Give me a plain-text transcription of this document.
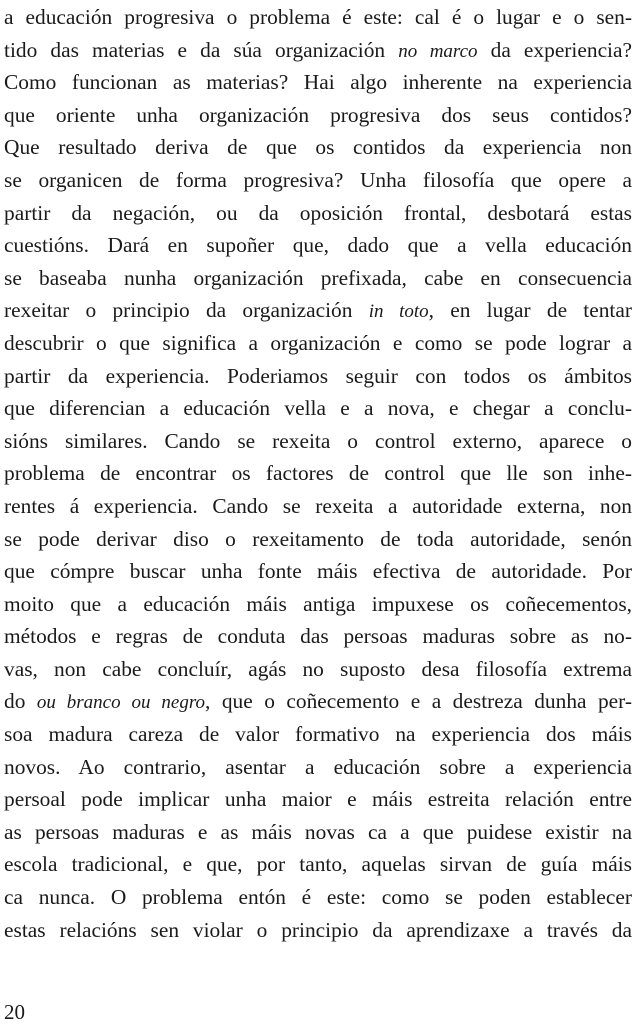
a educación progresiva o problema é este: cal é o lugar e o sen-
tido das materias e da súa organización no marco da experiencia?
Como funcionan as materias? Hai algo inherente na experiencia
que oriente unha organización progresiva dos seus contidos?
Que resultado deriva de que os contidos da experiencia non
se organicen de forma progresiva? Unha filosofía que opere a
partir da negación, ou da oposición frontal, desbotará estas
cuestións. Dará en supoñer que, dado que a vella educación
se baseaba nunha organización prefixada, cabe en consecuencia
rexeitar o principio da organización in toto, en lugar de tentar
descubrir o que significa a organización e como se pode lograr a
partir da experiencia. Poderiamos seguir con todos os ámbitos
que diferencian a educación vella e a nova, e chegar a conclu-
sións similares. Cando se rexeita o control externo, aparece o
problema de encontrar os factores de control que lle son inhe-
rentes á experiencia. Cando se rexeita a autoridade externa, non
se pode derivar diso o rexeitamento de toda autoridade, senón
que cómpre buscar unha fonte máis efectiva de autoridade. Por
moito que a educación máis antiga impuxese os coñecementos,
métodos e regras de conduta das persoas maduras sobre as no-
vas, non cabe concluír, agás no suposto desa filosofía extrema
do ou branco ou negro, que o coñecemento e a destreza dunha per-
soa madura careza de valor formativo na experiencia dos máis
novos. Ao contrario, asentar a educación sobre a experiencia
persoal pode implicar unha maior e máis estreita relación entre
as persoas maduras e as máis novas ca a que puidese existir na
escola tradicional, e que, por tanto, aquelas sirvan de guía máis
ca nunca. O problema entón é este: como se poden establecer
estas relacións sen violar o principio da aprendizaxe a través da
20
